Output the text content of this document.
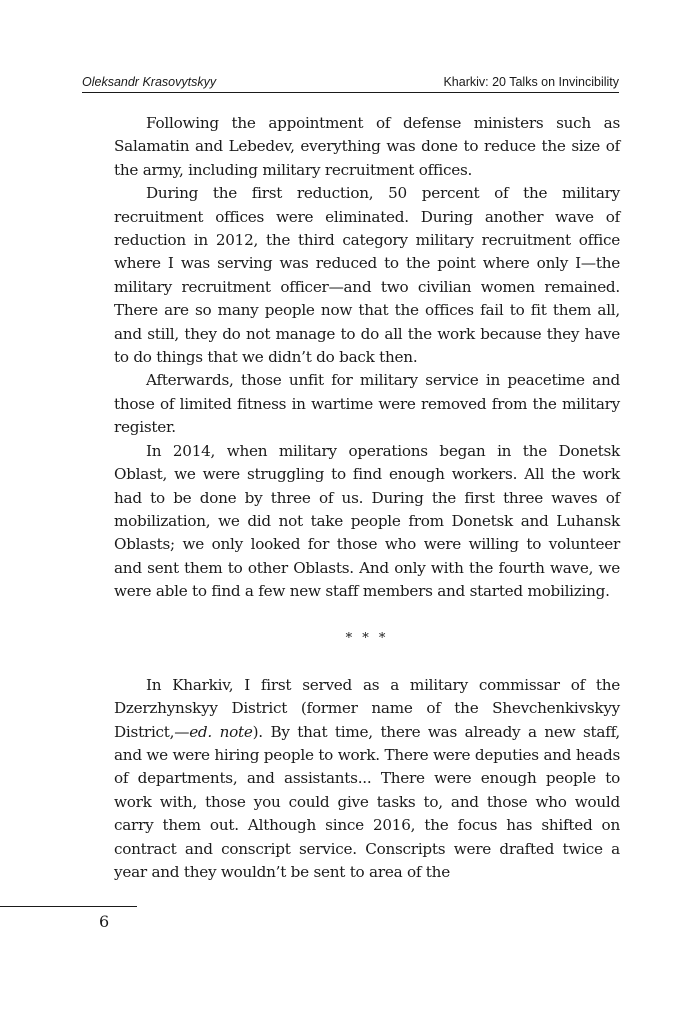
Oleksandr Krasovytskyy	Kharkiv: 20 Talks on Invincibility

Following the appointment of defense ministers such as Salamatin and Lebedev, everything was done to reduce the size of the army, including military recruitment offices.

During the first reduction, 50 percent of the military recruitment offices were eliminated. During another wave of reduction in 2012, the third category military recruitment office where I was serving was reduced to the point where only I—the military recruitment officer—and two civilian women remained. There are so many people now that the offices fail to fit them all, and still, they do not manage to do all the work because they have to do things that we didn’t do back then.

Afterwards, those unfit for military service in peacetime and those of limited fitness in wartime were removed from the military register.

In 2014, when military operations began in the Donetsk Oblast, we were struggling to find enough workers. All the work had to be done by three of us. During the first three waves of mobilization, we did not take people from Donetsk and Luhansk Oblasts; we only looked for those who were willing to volunteer and sent them to other Oblasts. And only with the fourth wave, we were able to find a few new staff members and started mobilizing.

* * *

In Kharkiv, I first served as a military commissar of the Dzerzhynskyy District (former name of the Shevchenkivskyy District,—ed. note). By that time, there was already a new staff, and we were hiring people to work. There were deputies and heads of departments, and assistants... There were enough people to work with, those you could give tasks to, and those who would carry them out. Although since 2016, the focus has shifted on contract and conscript service. Conscripts were drafted twice a year and they wouldn’t be sent to area of the

6
